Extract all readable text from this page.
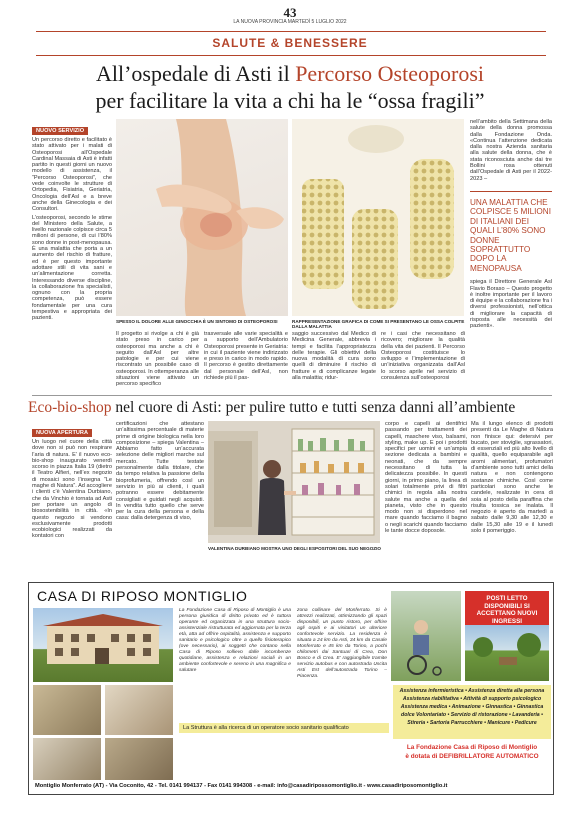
43
LA NUOVA PROVINCIA MARTEDÌ 5 LUGLIO 2022
SALUTE & BENESSERE
All’ospedale di Asti il Percorso Osteoporosi
per facilitare la vita a chi ha le “ossa fragili”
NUOVO SERVIZIO
Un percorso diretto e facilitato è stato attivato per i malati di Osteoporosi all’Ospedale Cardinal Massaia di Asti è infatti partito in questi giorni un nuovo modello di assistenza, il “Percorso Osteoporosi”, che vede coinvolte le strutture di Ortopedia, Fisiatria, Geriatria, Oncologia dell’Asl e a breve anche della Ginecologia e dei Consultori.
L’osteoporosi, secondo le stime del Ministero della Salute, a livello nazionale colpisce circa 5 milioni di persone, di cui l’80% sono donne in post-menopausa. È una malattia che porta a un aumento del rischio di fratture, ed è per questo importante adottare stili di vita sani e un’alimentazione corretta. Interessando diverse discipline, la collaborazione fra specialisti, ognuno con la propria competenza, può essere fondamentale per una cura tempestiva e appropriata dei pazienti.
SPESSO IL DOLORE ALLE GINOCCHIA È UN SINTOMO DI OSTEOPOROSI	RAPPRESENTAZIONE GRAFICA DI COME SI PRESENTANO LE OSSA COLPITE DALLA MALATTIA
Il progetto si rivolge a chi è già stato preso in carico per osteoporosi ma anche a chi è seguito dall’Asl per altre patologie e per cui viene riscontrato un possibile caso di osteoporosi. In ottemperanza alle situazioni viene attivato un percorso specifico
trasversale alle varie specialità e a supporto dell’Ambulatorio Osteoporosi presente in Geriatria: in cui il paziente viene indirizzato e preso in carico in modo rapido. Il percorso è gestito direttamente dal personale dell’Asl, non richiede più il pas-
saggio successivo dal Medico di Medicina Generale, abbrevia i tempi e facilita l’appropriatezza delle terapie. Gli obiettivi della nuova modalità di cura sono quelli di diminuire il rischio di fratture e di complicanze legate alla malattia; ridur-
re i casi che necessitano di ricovero; migliorare la qualità della vita dei pazienti. Il Percorso Osteoporosi costituisce lo sviluppo e l’implementazione di un’iniziativa organizzata dall’Asl lo scorso aprile nel servizio di consulenza sull’osteoporosi
nell’ambito della Settimana della salute della donna promossa dalla Fondazione Onda. «Continua l’attenzione dedicata dalla nostra Azienda sanitaria alla salute della donna, che è stata riconosciuta anche dai tre Bollini rosa ottenuti dall’Ospedale di Asti per il 2022-2023 –
UNA MALATTIA CHE COLPISCE 5 MILIONI DI ITALIANI DEI QUALI L’80% SONO DONNE SOPRATTUTTO DOPO LA MENOPAUSA
spiega il Direttore Generale Asl Flavio Boraso – Questo progetto è inoltre importante per il lavoro di équipe e la collaborazione fra i diversi professionisti, nell’ottica di migliorare la capacità di risposta alle necessità dei pazienti».
Eco-bio-shop nel cuore di Asti: per pulire tutto e tutti senza danni all’ambiente
NUOVA APERTURA
Un luogo nel cuore della città dove non si può non respirare l’aria di natura. E’ il nuovo eco-bio-shop inaugurato venerdì scorso in piazza Italia 19 (dietro il Teatro Alfieri, nell’ex negozio di mosaici sono l’insegna “Le maghe di Natura”. Ad accogliere i clienti c’è Valentina Durbiano, che da Vinchio è tornata ad Asti per portare un angolo di biosostenibilità in città. «In questo negozio si vendono esclusivamente prodotti ecobiologici realizzati da kontatori con
certificazioni che attestano un’altissima percentuale di materie prime di origine biologica nella loro composizione – spiega Valentina – Abbiamo fatto un’accurata selezione delle migliori marche sul mercato. Tutte testate personalmente dalla titolare, che da tempo relativa la passione della bioprofumeria, offrendo così un servizio in più ai clienti, i quali potranno essere debitamente consigliati e guidati negli acquisti. In vendita tutto quello che serve per la cura della persona e della casa: dalla detergenza di viso,
VALENTINA DURBIANO MOSTRA UNO DEGLI ESPOSITORI DEL SUO NEGOZIO
corpo e capelli ai dentifrici passando per trattamenti dei capelli, maschere viso, balsami, styling, make up. E poi i prodotti specifici per uomini e un’ampia sezione dedicata a bambini e neonati, che da sempre necessitano di tutta la delicatezza possibile. In questi giorni, in primo piano, la linea di solari totalmente privi di filtri chimici in regola alla nostra salute ma anche a quella del pianeta, visto che in questo modo non si disperdono nel mare quando facciamo il bagno o negli scarichi quando facciamo le tante docce doposole.
Ma il lungo elenco di prodotti presenti da Le Maghe di Natura non finisce qui: detersivi per bucato, per stoviglie, sgrassatori, di essenziali ed più alto livello di qualità, quello equiparabile agli aromi alimentari, profumatori d’ambiente sono tutti amici della natura e non contengono sostanze chimiche. Così come particolari sono anche le candele, realizzate in cera di soia al posto della paraffina che risulta tossica se inalata. Il negozio è aperto da martedì a sabato dalle 9,30 alle 12,30 e dalle 15,30 alle 19 e il lunedì solo il pomeriggio.
CASA DI RIPOSO MONTIGLIO
La Fondazione Casa di Riposo di Montiglio è una persona giuridica di diritto privato ed è tuttora operante ed organizzata in una struttura socio-assistenziale ristrutturata ed aggiornata per la terza età, atta ad offrire ospitalità, assistenza e supporto sanitario e psicologico oltre a quello fisioterapico (ove necessario), ai soggetti che contano nella Casa di Riposo sollievo dalle incombenze quotidiane, assistenza e relazioni sociali in un ambiente confortevole e sereno in una magnifica e salutare
zona collinare del Monferrato. Si è attrezzi realizzati, ottimizzando gli spazi disponibili, un punto ristoro, per offrire agli ospiti e ai visitatori un ulteriore confortevole servizio. La residenza è situata a 24 km da Asti, 34 km da Casale Monferrato e 45 km da Torino, a pochi chilometri dai Santuari di Crea, Don Bosco e di Crea. E’ raggiungibile tramite servizio autobus e con autostrada Uscita Asti Est dell’autostrada Torino – Piacenza.
La Struttura è alla ricerca di un operatore socio sanitario qualificato
POSTI LETTO DISPONIBILI SI ACCETTANO NUOVI INGRESSI
Assistenza infermieristica • Assistenza diretta alla persona Assistenza riabilitativa • Attività di supporto psicologico Assistenza medica • Animazione • Ginnastica • Ginnastica dolce Volontariato • Servizio di ristorazione • Lavanderia • Stireria • Sartoria Parrucchiere • Manicure • Pedicure
La Fondazione Casa di Riposo di Montiglio
è dotata di DEFIBRILLATORE AUTOMATICO
Montiglio Monferrato (AT) - Via Coconito, 42 - Tel. 0141 994137 - Fax 0141 994308 - e-mail: info@casadiripossomontiglio.it - www.casadiriposomontiglio.it
